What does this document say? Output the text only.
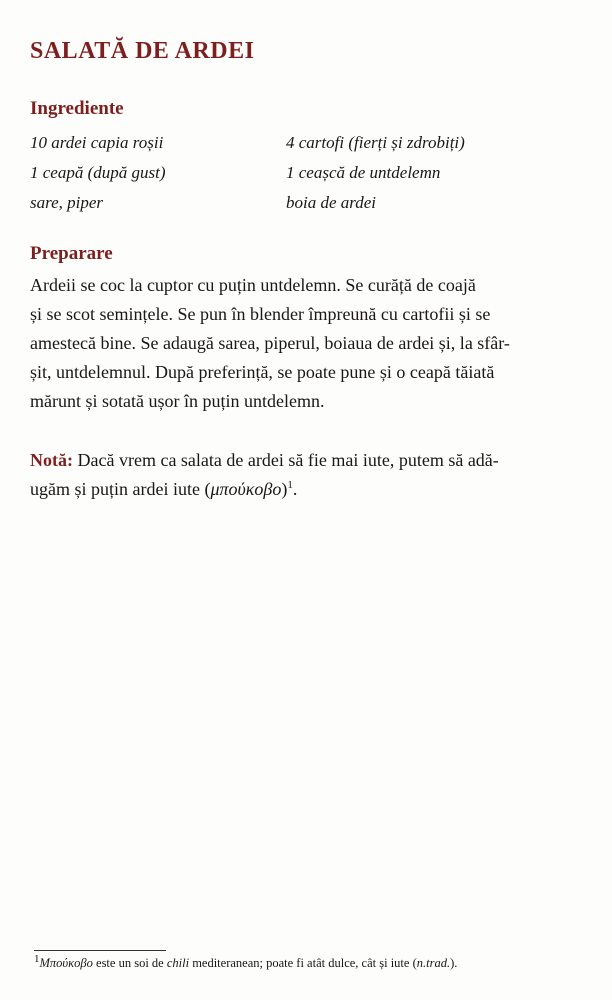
SALATĂ DE ARDEI
Ingrediente
10 ardei capia roșii
1 ceapă (după gust)
sare, piper
4 cartofi (fierți și zdrobiți)
1 ceașcă de untdelemn
boia de ardei
Preparare
Ardeii se coc la cuptor cu puțin untdelemn. Se curăță de coajă
și se scot semințele. Se pun în blender împreună cu cartofii și se
amestecă bine. Se adaugă sarea, piperul, boiaua de ardei și, la sfâr-
șit, untdelemnul. După preferință, se poate pune și o ceapă tăiată
mărunt și sotată ușor în puțin untdelemn.
Notă: Dacă vrem ca salata de ardei să fie mai iute, putem să adă-
ugăm și puțin ardei iute $(\mu\pi oύ\kappa o\beta o)^1$.
$^1$Μπούκοβο este un soi de chili mediteranean; poate fi atât dulce, cât și iute (n.trad.).
